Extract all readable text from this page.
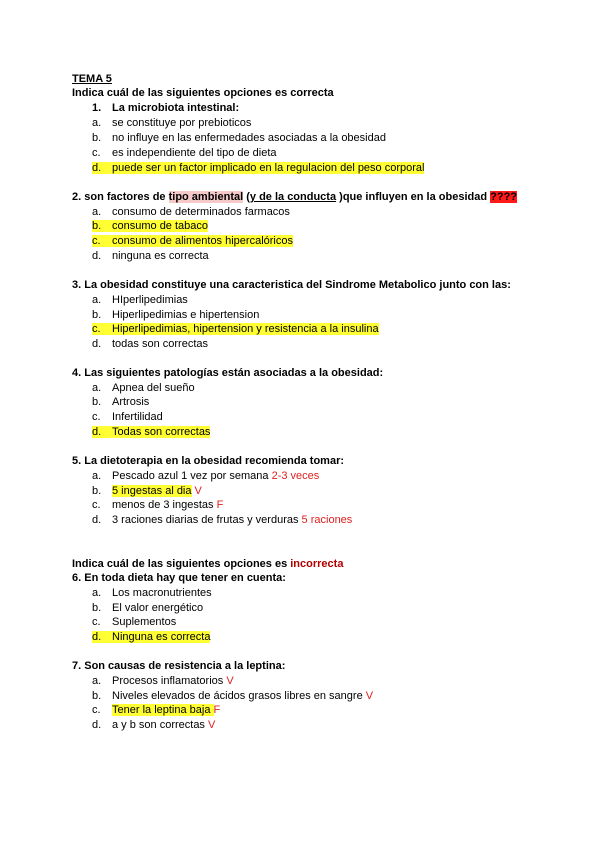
TEMA 5
Indica cuál de las siguientes opciones es correcta
1. La microbiota intestinal:
a. se constituye por prebioticos
b. no influye en las enfermedades asociadas a la obesidad
c. es independiente del tipo de dieta
d. puede ser un factor implicado en la regulacion del peso corporal
2. son factores de tipo ambiental (y de la conducta )que influyen en la obesidad ????
a. consumo de determinados farmacos
b. consumo de tabaco
c. consumo de alimentos hipercalóricos
d. ninguna es correcta
3. La obesidad constituye una caracteristica del Sindrome Metabolico junto con las:
a. HIperlipedimias
b. Hiperlipedimias e hipertension
c. Hiperlipedimias, hipertension y resistencia a la insulina
d. todas son correctas
4. Las siguientes patologías están asociadas a la obesidad:
a. Apnea del sueño
b. Artrosis
c. Infertilidad
d. Todas son correctas
5. La dietoterapia en la obesidad recomienda tomar:
a. Pescado azul 1 vez por semana 2-3 veces
b. 5 ingestas al dia V
c. menos de 3 ingestas F
d. 3 raciones diarias de frutas y verduras 5 raciones
Indica cuál de las siguientes opciones es incorrecta
6. En toda dieta hay que tener en cuenta:
a. Los macronutrientes
b. El valor energético
c. Suplementos
d. Ninguna es correcta
7. Son causas de resistencia a la leptina:
a. Procesos inflamatorios V
b. Niveles elevados de ácidos grasos libres en sangre V
c. Tener la leptina baja F
d. a y b son correctas V
